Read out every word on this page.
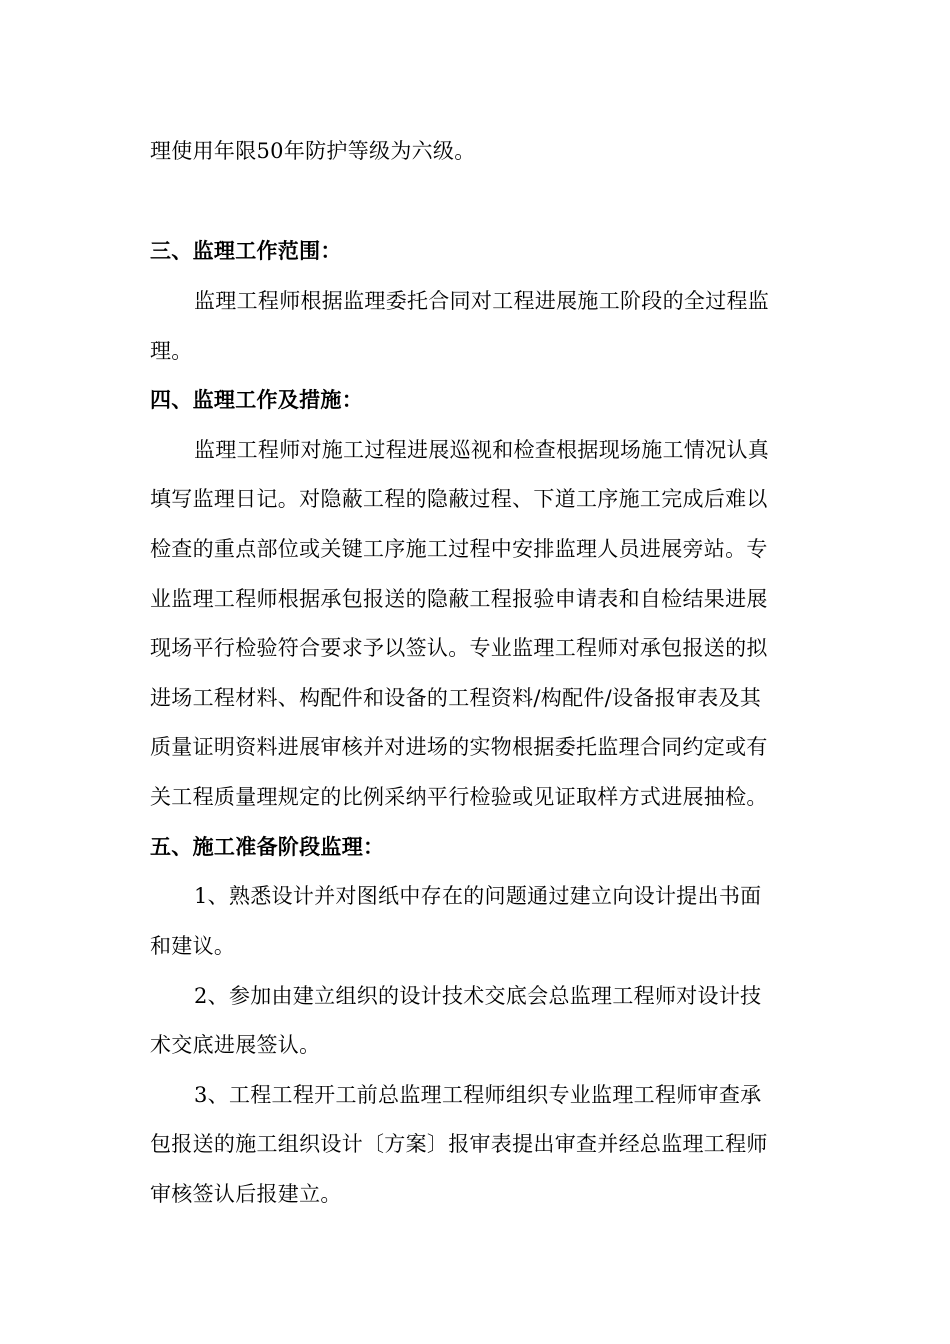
理使用年限50年防护等级为六级。
三、监理工作范围：
监理工程师根据监理委托合同对工程进展施工阶段的全过程监
理。
四、监理工作及措施：
监理工程师对施工过程进展巡视和检查根据现场施工情况认真
填写监理日记。对隐蔽工程的隐蔽过程、下道工序施工完成后难以
检查的重点部位或关键工序施工过程中安排监理人员进展旁站。专
业监理工程师根据承包报送的隐蔽工程报验申请表和自检结果进展
现场平行检验符合要求予以签认。专业监理工程师对承包报送的拟
进场工程材料、构配件和设备的工程资料/构配件/设备报审表及其
质量证明资料进展审核并对进场的实物根据委托监理合同约定或有
关工程质量理规定的比例采纳平行检验或见证取样方式进展抽检。
五、施工准备阶段监理：
1、熟悉设计并对图纸中存在的问题通过建立向设计提出书面
和建议。
2、参加由建立组织的设计技术交底会总监理工程师对设计技
术交底进展签认。
3、工程工程开工前总监理工程师组织专业监理工程师审查承
包报送的施工组织设计〔方案〕报审表提出审查并经总监理工程师
审核签认后报建立。
